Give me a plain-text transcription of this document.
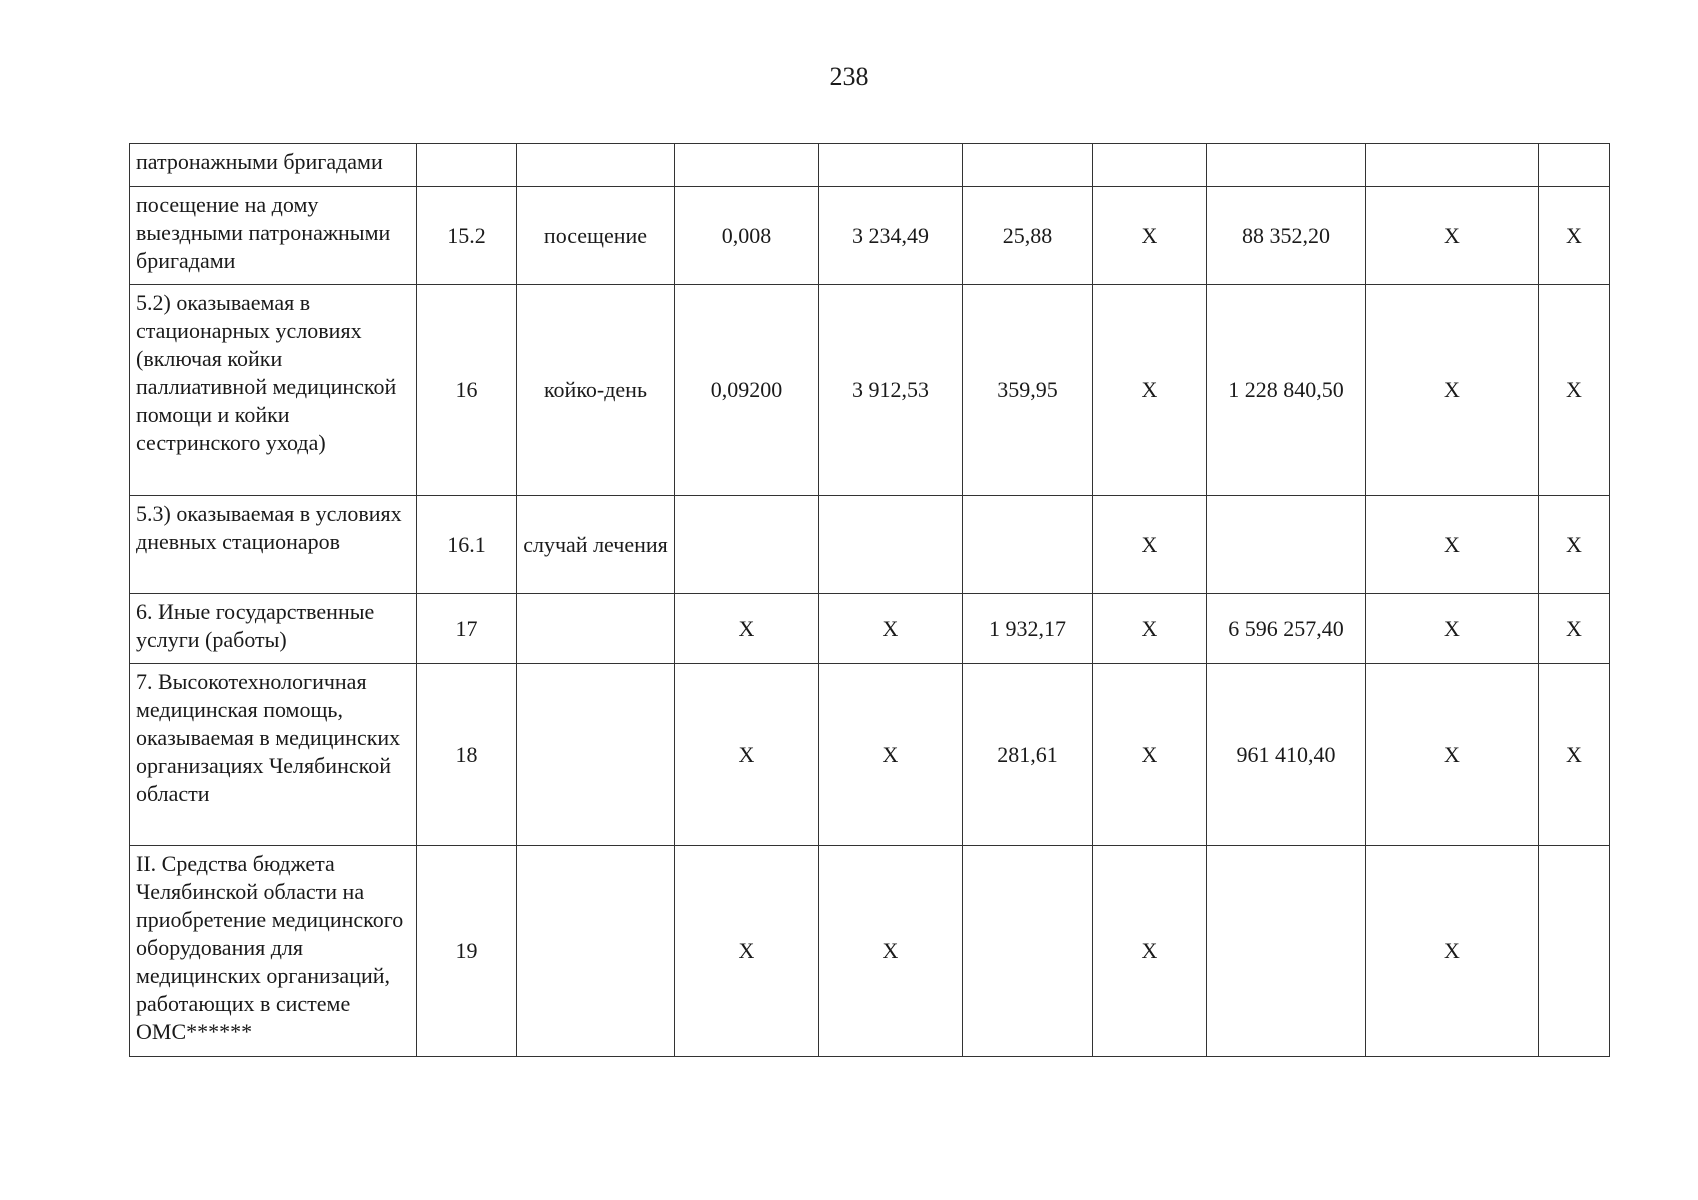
238
патронажными бригадами									
посещение на дому выездными патронажными бригадами	15.2	посещение	0,008	3 234,49	25,88	Х	88 352,20	Х	Х
5.2) оказываемая в стационарных условиях (включая койки паллиативной медицинской помощи и койки сестринского ухода)	16	койко-день	0,09200	3 912,53	359,95	Х	1 228 840,50	Х	Х
5.3) оказываемая в условиях дневных стационаров	16.1	случай лечения				Х		Х	Х
6. Иные государственные услуги (работы)	17		Х	Х	1 932,17	Х	6 596 257,40	Х	Х
7. Высокотехнологичная медицинская помощь, оказываемая в медицинских организациях Челябинской области	18		Х	Х	281,61	Х	961 410,40	Х	Х
II. Средства бюджета Челябинской области на приобретение медицинского оборудования для медицинских организаций, работающих в системе ОМС******	19		Х	Х		Х		Х	
